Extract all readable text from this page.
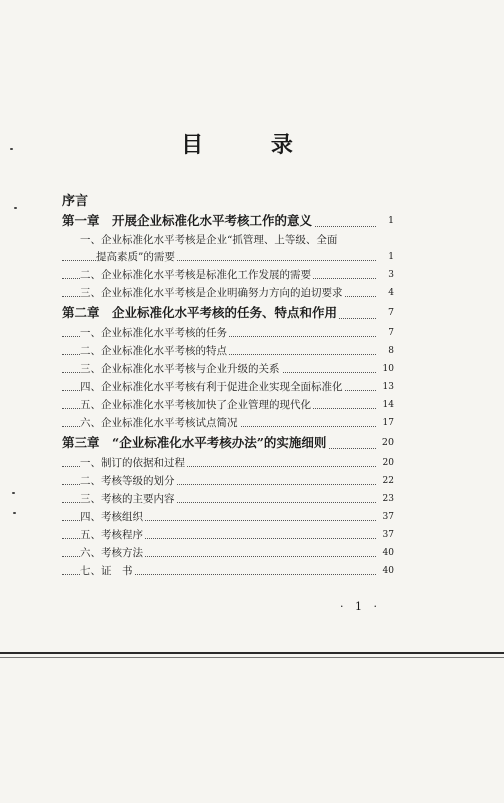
目 录
序言
第一章　开展企业标准化水平考核工作的意义	1
一、企业标准化水平考核是企业“抓管理、上等级、全面
提高素质”的需要	1
二、企业标准化水平考核是标准化工作发展的需要	3
三、企业标准化水平考核是企业明确努力方向的迫切要求	4
第二章　企业标准化水平考核的任务、特点和作用	7
一、企业标准化水平考核的任务	7
二、企业标准化水平考核的特点	8
三、企业标准化水平考核与企业升级的关系	10
四、企业标准化水平考核有利于促进企业实现全面标准化	13
五、企业标准化水平考核加快了企业管理的现代化	14
六、企业标准化水平考核试点简况	17
第三章　“企业标准化水平考核办法”的实施细则	20
一、制订的依据和过程	20
二、考核等级的划分	22
三、考核的主要内容	23
四、考核组织	37
五、考核程序	37
六、考核方法	40
七、证　书	40
· 1 ·
